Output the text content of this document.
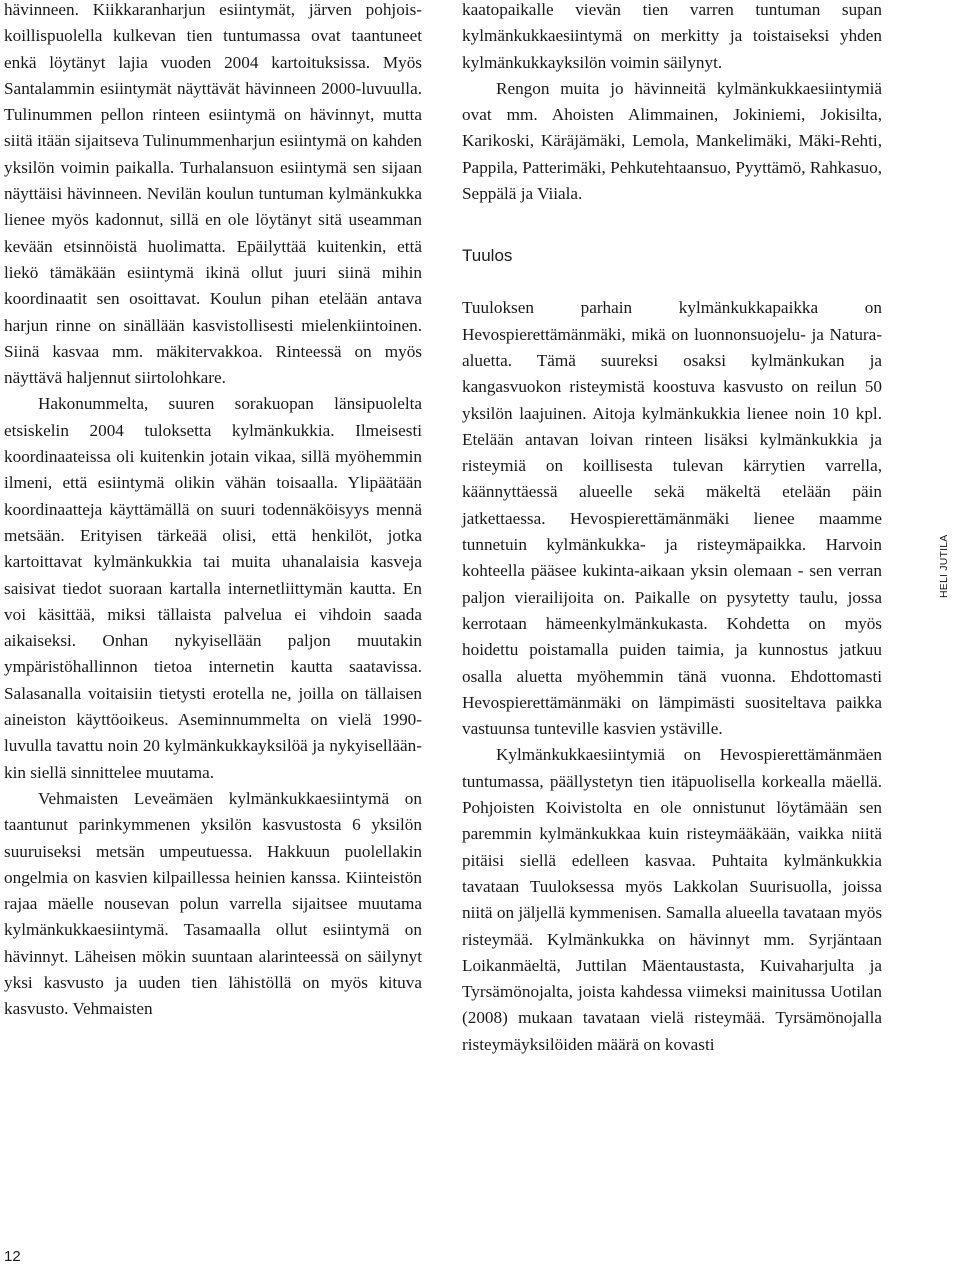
hävinneen. Kiikkaranharjun esiintymät, järven pohjois-koillispuolella kulkevan tien tuntumassa ovat taantuneet enkä löytänyt lajia vuoden 2004 kartoituksissa. Myös Santalammin esiintymät näyttävät hävinneen 2000-luvuulla. Tulinummen pellon rinteen esiintymä on hävinnyt, mutta siitä itään sijaitseva Tulinummenharjun esiintymä on kahden yksilön voimin paikalla. Turhalansuon esiintymä sen sijaan näyttäisi hävinneen. Nevilän koulun tuntuman kylmänkukka lienee myös kadonnut, sillä en ole löytänyt sitä useamman kevään etsinnöistä huolimatta. Epäilyttää kuitenkin, että liekö tämäkään esiintymä ikinä ollut juuri siinä mihin koordinaatit sen osoittavat. Koulun pihan etelään antava harjun rinne on sinällään kasvistollisesti mielenkiintoinen. Siinä kasvaa mm. mäkitervakkoa. Rinteessä on myös näyttävä haljennut siirtolohkare.

Hakonummelta, suuren sorakuopan länsipuolelta etsiskelin 2004 tuloksetta kylmänkukkia. Ilmeisesti koordinaateissa oli kuitenkin jotain vikaa, sillä myöhemmin ilmeni, että esiintymä olikin vähän toisaalla. Ylipäätään koordinaatteja käyttämällä on suuri todennäköisyys mennä metsään. Erityisen tärkeää olisi, että henkilöt, jotka kartoittavat kylmänkukkia tai muita uhanalaisia kasveja saisivat tiedot suoraan kartalla internetliittymän kautta. En voi käsittää, miksi tällaista palvelua ei vihdoin saada aikaiseksi. Onhan nykyisellään paljon muutakin ympäristöhallinnon tietoa internetin kautta saatavissa. Salasanalla voitaisiin tietysti erotella ne, joilla on tällaisen aineiston käyttöoikeus. Aseminnummelta on vielä 1990-luvulla tavattu noin 20 kylmänkukkayksilöä ja nykyiselläänkin siellä sinnittelee muutama.

Vehmaisten Leveämäen kylmänkukkaesiintymä on taantunut parinkymmenen yksilön kasvustosta 6 yksilön suuruiseksi metsän umpeutuessa. Hakkuun puolellakin ongelmia on kasvien kilpaillessa heinien kanssa. Kiinteistön rajaa mäelle nousevan polun varrella sijaitsee muutama kylmänkukkaesiintymä. Tasamaalla ollut esiintymä on hävinnyt. Läheisen mökin suuntaan alarinteessä on säilynyt yksi kasvusto ja uuden tien lähistöllä on myös kituva kasvusto. Vehmaisten

kaatopaikalle vievän tien varren tuntuman supan kylmänkukkaesiintymä on merkitty ja toistaiseksi yhden kylmänkukkayksilön voimin säilynyt.

Rengon muita jo hävinneitä kylmänkukkaesiintymiä ovat mm. Ahoisten Alimmainen, Jokiniemi, Jokisilta, Karikoski, Käräjämäki, Lemola, Mankelimäki, Mäki-Rehti, Pappila, Patterimäki, Pehkutehtaansuo, Pyyttämö, Rahkasuo, Seppälä ja Viiala.

Tuulos

Tuuloksen parhain kylmänkukkapaikka on Hevospierettämänmäki, mikä on luonnonsuojelu- ja Natura-aluetta. Tämä suureksi osaksi kylmänkukan ja kangasvuokon risteymistä koostuva kasvusto on reilun 50 yksilön laajuinen. Aitoja kylmänkukkia lienee noin 10 kpl. Etelään antavan loivan rinteen lisäksi kylmänkukkia ja risteymiä on koillisesta tulevan kärrytien varrella, käännyttäessä alueelle sekä mäkeltä etelään päin jatkettaessa. Hevospierettämänmäki lienee maamme tunnetuin kylmänkukka- ja risteymäpaikka. Harvoin kohteella pääsee kukinta-aikaan yksin olemaan - sen verran paljon vierailijoita on. Paikalle on pysytetty taulu, jossa kerrotaan hämeenkylmänkukasta. Kohdetta on myös hoidettu poistamalla puiden taimia, ja kunnostus jatkuu osalla aluetta myöhemmin tänä vuonna. Ehdottomasti Hevospierettämänmäki on lämpimästi suositeltava paikka vastuunsa tunteville kasvien ystäville.

Kylmänkukkaesiintymiä on Hevospierettämänmäen tuntumassa, päällystetyn tien itäpuolisella korkealla mäellä. Pohjoisten Koivistolta en ole onnistunut löytämään sen paremmin kylmänkukkaa kuin risteymääkään, vaikka niitä pitäisi siellä edelleen kasvaa. Puhtaita kylmänkukkia tavataan Tuuloksessa myös Lakkolan Suurisuolla, joissa niitä on jäljellä kymmenisen. Samalla alueella tavataan myös risteymää. Kylmänkukka on hävinnyt mm. Syrjäntaan Loikanmäeltä, Juttilan Mäentaustasta, Kuivaharjulta ja Tyrsämönojalta, joista kahdessa viimeksi mainitussa Uotilan (2008) mukaan tavataan vielä risteymää. Tyrsämönojalla risteymäyksilöiden määrä on kovasti

12
HELI JUTILA
